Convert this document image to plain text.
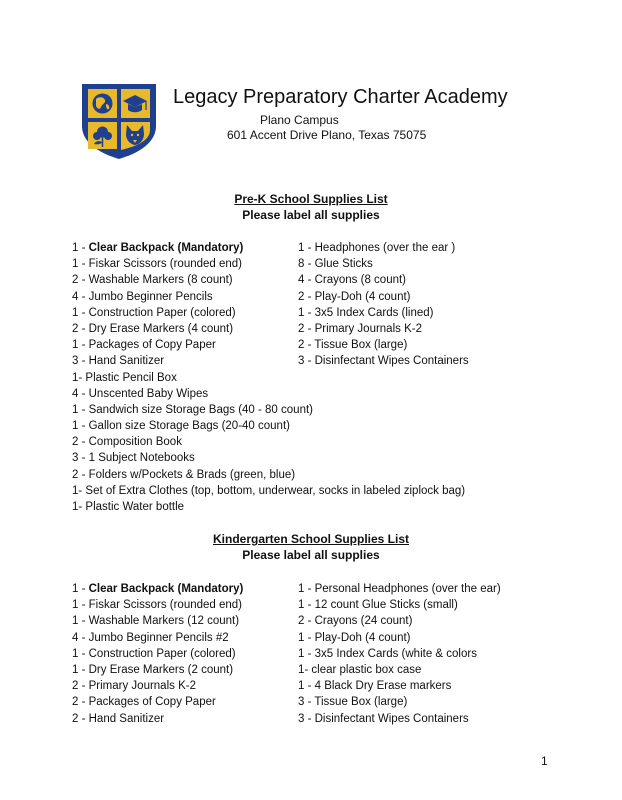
Legacy Preparatory Charter Academy
Plano Campus
601 Accent Drive Plano, Texas 75075
Pre-K School Supplies List
Please label all supplies
1 - Clear Backpack (Mandatory)
1 - Fiskar Scissors (rounded end)
2 - Washable Markers (8 count)
4 - Jumbo Beginner Pencils
1 - Construction Paper (colored)
2 - Dry Erase Markers (4 count)
1 - Packages of Copy Paper
3 - Hand Sanitizer
1- Plastic Pencil Box
4 - Unscented Baby Wipes
1 - Sandwich size Storage Bags (40 - 80 count)
1 - Gallon size Storage Bags (20-40 count)
2 - Composition Book
3 - 1 Subject Notebooks
2 - Folders w/Pockets & Brads (green, blue)
1- Set of Extra Clothes (top, bottom, underwear, socks in labeled ziplock bag)
1- Plastic Water bottle
1 - Headphones (over the ear )
8 - Glue Sticks
4 - Crayons (8 count)
2 - Play-Doh (4 count)
1 - 3x5 Index Cards (lined)
2 - Primary Journals K-2
2 - Tissue Box (large)
3 - Disinfectant Wipes Containers
Kindergarten School Supplies List
Please label all supplies
1 - Clear Backpack (Mandatory)
1 - Fiskar Scissors (rounded end)
1 - Washable Markers (12 count)
4 - Jumbo Beginner Pencils #2
1 - Construction Paper (colored)
1 - Dry Erase Markers (2 count)
2 - Primary Journals K-2
2 - Packages of Copy Paper
2 - Hand Sanitizer
1 - Personal Headphones (over the ear)
1 - 12 count Glue Sticks (small)
2 - Crayons (24 count)
1 - Play-Doh (4 count)
1 - 3x5 Index Cards (white & colors
1- clear plastic box case
1 - 4 Black Dry Erase markers
3 - Tissue Box (large)
3 - Disinfectant Wipes Containers
1
